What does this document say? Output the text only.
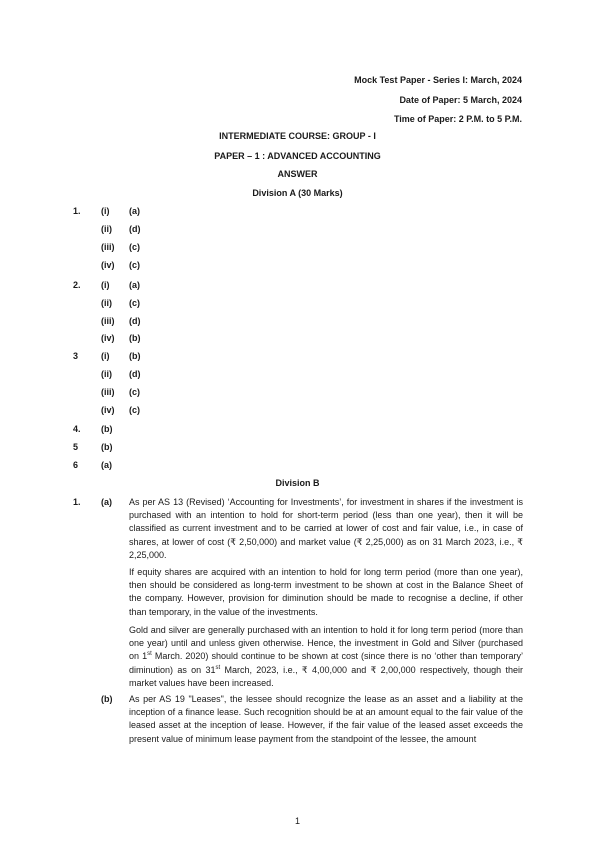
Mock Test Paper - Series I: March, 2024
Date of Paper: 5 March, 2024
Time of Paper: 2 P.M. to 5 P.M.
INTERMEDIATE COURSE: GROUP - I
PAPER – 1 : ADVANCED ACCOUNTING
ANSWER
Division A (30 Marks)
1. (i) (a)
(ii) (d)
(iii) (c)
(iv) (c)
2. (i) (a)
(ii) (c)
(iii) (d)
(iv) (b)
3	(i) (b)
(ii) (d)
(iii) (c)
(iv) (c)
4. (b)
5	(b)
6	(a)
Division B
1. (a) As per AS 13 (Revised) ‘Accounting for Investments’, for investment in shares if the investment is purchased with an intention to hold for short-term period (less than one year), then it will be classified as current investment and to be carried at lower of cost and fair value, i.e., in case of shares, at lower of cost (₹ 2,50,000) and market value (₹ 2,25,000) as on 31 March 2023, i.e., ₹ 2,25,000.

If equity shares are acquired with an intention to hold for long term period (more than one year), then should be considered as long-term investment to be shown at cost in the Balance Sheet of the company. However, provision for diminution should be made to recognise a decline, if other than temporary, in the value of the investments.

Gold and silver are generally purchased with an intention to hold it for long term period (more than one year) until and unless given otherwise. Hence, the investment in Gold and Silver (purchased on 1st March. 2020) should continue to be shown at cost (since there is no ‘other than temporary’ diminution) as on 31st March, 2023, i.e., ₹ 4,00,000 and ₹ 2,00,000 respectively, though their market values have been increased.

(b) As per AS 19 "Leases", the lessee should recognize the lease as an asset and a liability at the inception of a finance lease. Such recognition should be at an amount equal to the fair value of the leased asset at the inception of lease. However, if the fair value of the leased asset exceeds the present value of minimum lease payment from the standpoint of the lessee, the amount

1
